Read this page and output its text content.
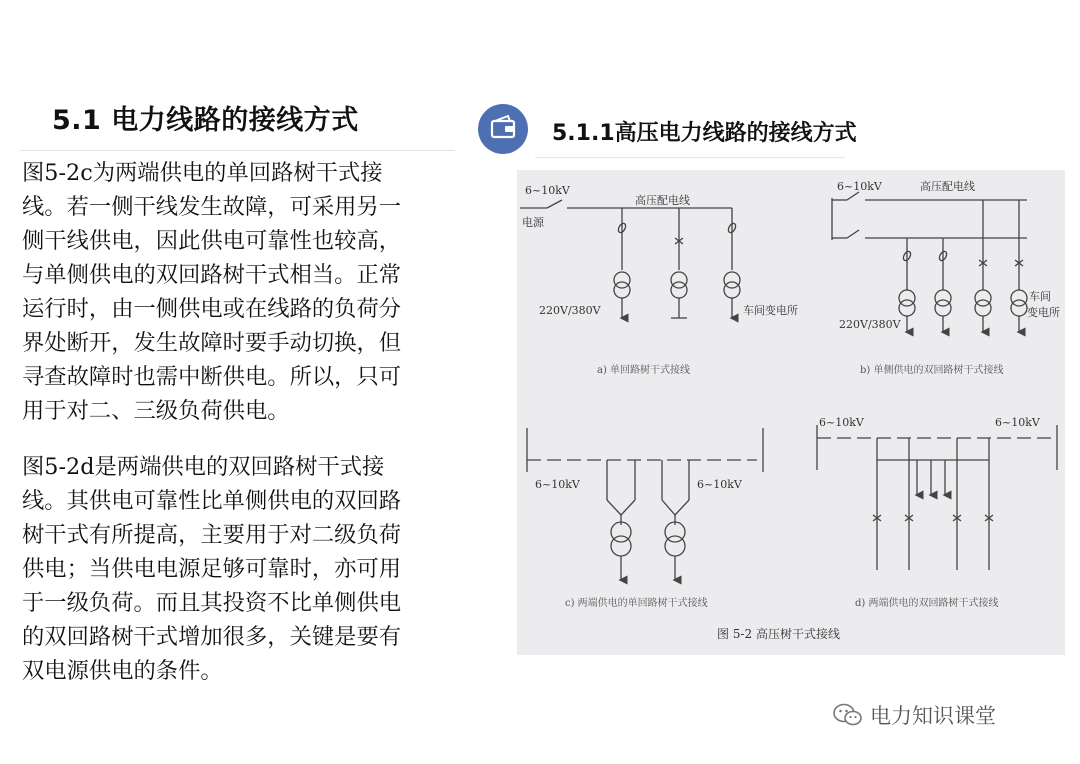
5.1 电力线路的接线方式	5.1.1高压电力线路的接线方式
图5-2c为两端供电的单回路树干式接
线。若一侧干线发生故障，可采用另一
侧干线供电，因此供电可靠性也较高，
与单侧供电的双回路树干式相当。正常
运行时，由一侧供电或在线路的负荷分
界处断开，发生故障时要手动切换，但
寻查故障时也需中断供电。所以，只可
用于对二、三级负荷供电。
图5-2d是两端供电的双回路树干式接
线。其供电可靠性比单侧供电的双回路
树干式有所提高，主要用于对二级负荷
供电；当供电电源足够可靠时，亦可用
于一级负荷。而且其投资不比单侧供电
的双回路树干式增加很多，关键是要有
双电源供电的条件。
6~10kV
电源
高压配电线
220V/380V	车间变电所
a) 单回路树干式接线
6~10kV	高压配电线
220V/380V
车间
变电所
b) 单侧供电的双回路树干式接线
6~10kV	6~10kV
c) 两端供电的单回路树干式接线
6~10kV	6~10kV
d) 两端供电的双回路树干式接线
图 5-2 高压树干式接线
电力知识课堂
